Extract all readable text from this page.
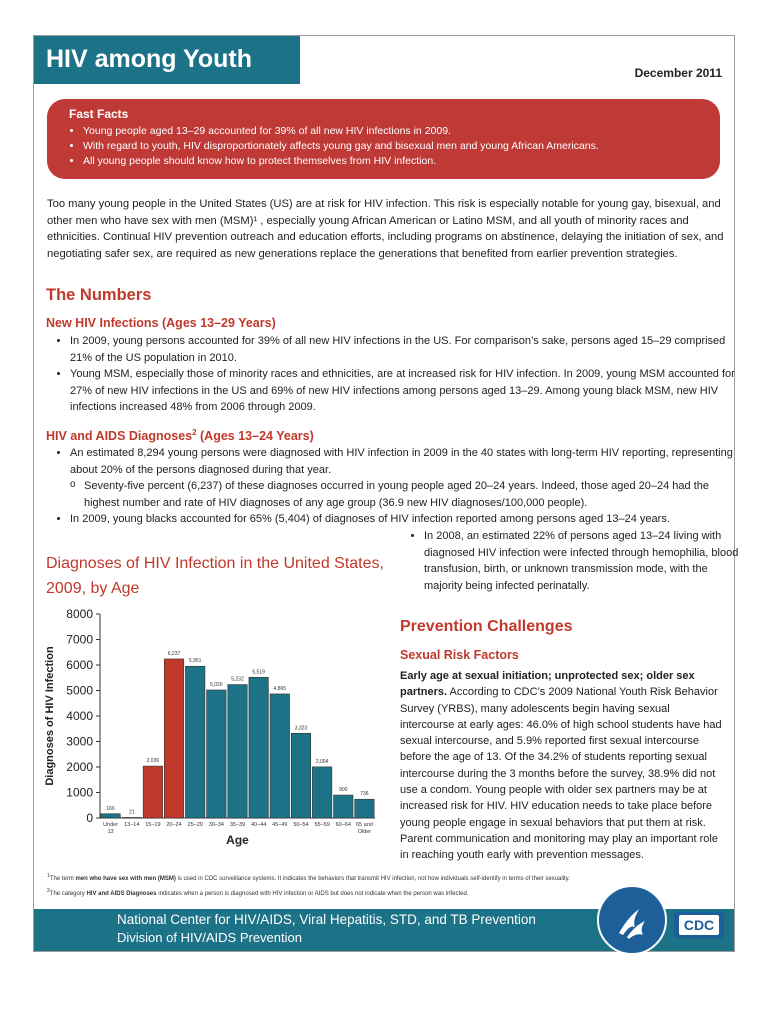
HIV among Youth	December 2011
Fast Facts
• Young people aged 13–29 accounted for 39% of all new HIV infections in 2009.
• With regard to youth, HIV disproportionately affects young gay and bisexual men and young African Americans.
• All young people should know how to protect themselves from HIV infection.

Too many young people in the United States (US) are at risk for HIV infection. This risk is especially notable for young gay, bisexual, and other men who have sex with men (MSM)¹ , especially young African American or Latino MSM, and all youth of minority races and ethnicities. Continual HIV prevention outreach and education efforts, including programs on abstinence, delaying the initiation of sex, and negotiating safer sex, are required as new generations replace the generations that benefited from earlier prevention strategies.

The Numbers
New HIV Infections (Ages 13–29 Years)
• In 2009, young persons accounted for 39% of all new HIV infections in the US. For comparison’s sake, persons aged 15–29 comprised 21% of the US population in 2010.
• Young MSM, especially those of minority races and ethnicities, are at increased risk for HIV infection. In 2009, young MSM accounted for 27% of new HIV infections in the US and 69% of new HIV infections among persons aged 13–29. Among young black MSM, new HIV infections increased 48% from 2006 through 2009.
HIV and AIDS Diagnoses$^2$ (Ages 13–24 Years)
• An estimated 8,294 young persons were diagnosed with HIV infection in 2009 in the 40 states with long-term HIV reporting, representing about 20% of the persons diagnosed during that year.
o Seventy-five percent (6,237) of these diagnoses occurred in young people aged 20–24 years. Indeed, those aged 20–24 had the highest number and rate of HIV diagnoses of any age group (36.9 new HIV diagnoses/100,000 people).
• In 2009, young blacks accounted for 65% (5,404) of diagnoses of HIV infection reported among persons aged 13–24 years.
• In 2008, an estimated 22% of persons aged 13–24 living with diagnosed HIV infection were infected through hemophilia, blood transfusion, birth, or unknown transmission mode, with the majority being infected perinatally.

Diagnoses of HIV Infection in the United States, 2009, by Age

0
1000
2000
3000
4000
5000
6000
7000
8000
166
Under
13
21
13–14
2,036
15–19
6,237
20–24
5,951
25–29
5,020
30–34
5,232
35–39
5,519
40–44
4,865
45–49
3,323
50–54
2,004
55–59
900
60–64
736
65 and
Older
Age
Diagnoses of HIV Infection
Prevention Challenges
Sexual Risk Factors

Early age at sexual initiation; unprotected sex; older sex partners. According to CDC’s 2009 National Youth Risk Behavior Survey (YRBS), many adolescents begin having sexual intercourse at early ages: 46.0% of high school students have had sexual intercourse, and 5.9% reported first sexual intercourse before the age of 13. Of the 34.2% of students reporting sexual intercourse during the 3 months before the survey, 38.9% did not use a condom. Young people with older sex partners may be at increased risk for HIV. HIV education needs to take place before young people engage in sexual behaviors that put them at risk. Parent communication and monitoring may play an important role in reaching youth early with prevention messages.

$^1$The term men who have sex with men (MSM) is used in CDC surveillance systems. It indicates the behaviors that transmit HIV infection, not how individuals self-identify in terms of their sexuality.

$^2$The category HIV and AIDS Diagnoses indicates when a person is diagnosed with HIV infection or AIDS but does not indicate when the person was infected.

National Center for HIV/AIDS, Viral Hepatitis, STD, and TB Prevention
Division of HIV/AIDS Prevention
CDC
